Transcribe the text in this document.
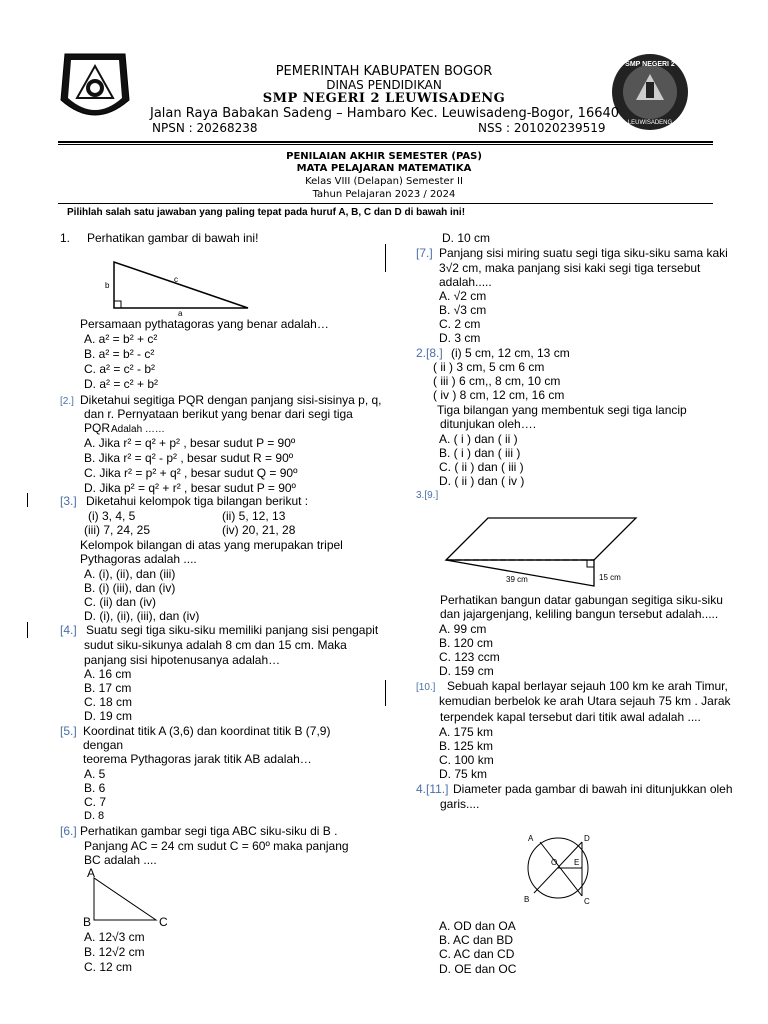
TEGAR BERIMAN
SMP NEGERI 2
LEUWISADENG
PEMERINTAH KABUPATEN BOGOR
DINAS PENDIDIKAN
SMP NEGERI 2 LEUWISADENG
Jalan Raya Babakan Sadeng – Hambaro Kec. Leuwisadeng-Bogor, 16640
NPSN : 20268238	NSS : 201020239519
PENILAIAN AKHIR SEMESTER (PAS)
MATA PELAJARAN MATEMATIKA
Kelas VIII (Delapan) Semester II
Tahun Pelajaran 2023 / 2024
Pilihlah salah satu jawaban yang paling tepat pada huruf A, B, C dan D di bawah ini!
1. Perhatikan gambar di bawah ini!
b
c
a
Persamaan pythatagoras yang benar adalah…
A. a² = b² + c²
B. a² = b² - c²
C. a² = c² - b²
D. a² = c² + b²
[2.] Diketahui segitiga PQR dengan panjang sisi-sisinya p, q,
dan r. Pernyataan berikut yang benar dari segi tiga
PQR Adalah ……
A. Jika r² = q² + p² , besar sudut P = 90º
B. Jika r² = q² - p² , besar sudut R = 90º
C. Jika r² = p² + q² , besar sudut Q = 90º
D. Jika p² = q² + r² , besar sudut P = 90º
[3.] Diketahui kelompok tiga bilangan berikut :
(i) 3, 4, 5	(ii) 5, 12, 13
(iii) 7, 24, 25	(iv) 20, 21, 28
Kelompok bilangan di atas yang merupakan tripel
Pythagoras adalah ....
A. (i), (ii), dan (iii)
B. (i) (iii), dan (iv)
C. (ii) dan (iv)
D. (i), (ii), (iii), dan (iv)
[4.] Suatu segi tiga siku-siku memiliki panjang sisi pengapit
sudut siku-sikunya adalah 8 cm dan 15 cm. Maka
panjang sisi hipotenusanya adalah…
A. 16 cm
B. 17 cm
C. 18 cm
D. 19 cm
[5.] Koordinat titik A (3,6) dan koordinat titik B (7,9)
dengan
teorema Pythagoras jarak titik AB adalah…
A. 5
B. 6
C. 7
D. 8
[6.] Perhatikan gambar segi tiga ABC siku-siku di B .
Panjang AC = 24 cm sudut C = 60º maka panjang
BC adalah ....
A
B	C
A. 12√3 cm
B. 12√2 cm
C. 12 cm
D. 10 cm
[7.] Panjang sisi miring suatu segi tiga siku-siku sama kaki
3√2 cm, maka panjang sisi kaki segi tiga tersebut
adalah.....
A. √2 cm
B. √3 cm
C. 2 cm
D. 3 cm
2.[8.] (i) 5 cm, 12 cm, 13 cm
( ii ) 3 cm, 5 cm 6 cm
( iii ) 6 cm,, 8 cm, 10 cm
( iv ) 8 cm, 12 cm, 16 cm
Tiga bilangan yang membentuk segi tiga lancip
ditunjukan oleh….
A. ( i ) dan ( ii )
B. ( i ) dan ( iii )
C. ( ii ) dan ( iii )
D. ( ii ) dan ( iv )
3.[9.]
39 cm	15 cm
Perhatikan bangun datar gabungan segitiga siku-siku
dan jajargenjang, keliling bangun tersebut adalah.....
A. 99 cm
B. 120 cm
C. 123 ccm
D. 159 cm
[10.] Sebuah kapal berlayar sejauh 100 km ke arah Timur,
kemudian berbelok ke arah Utara sejauh 75 km . Jarak
terpendek kapal tersebut dari titik awal adalah ....
A. 175 km
B. 125 km
C. 100 km
D. 75 km
4.[11.] Diameter pada gambar di bawah ini ditunjukkan oleh
garis....
A	D
O E
B	C
A. OD dan OA
B. AC dan BD
C. AC dan CD
D. OE dan OC
